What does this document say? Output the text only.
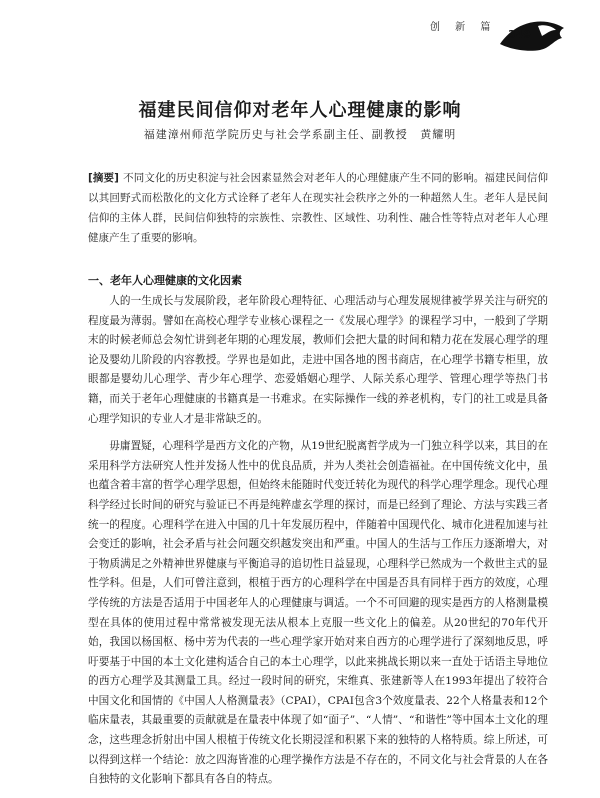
创 新 篇
349
福建民间信仰对老年人心理健康的影响
福建漳州师范学院历史与社会学系副主任、副教授 黄耀明
[摘要] 不同文化的历史积淀与社会因素显然会对老年人的心理健康产生不同的影响。福建民间信仰以其回野式而松散化的文化方式诠释了老年人在现实社会秩序之外的一种超然人生。老年人是民间信仰的主体人群，民间信仰独特的宗族性、宗教性、区域性、功利性、融合性等特点对老年人心理健康产生了重要的影响。
一、老年人心理健康的文化因素

人的一生成长与发展阶段，老年阶段心理特征、心理活动与心理发展规律被学界关注与研究的程度最为薄弱。譬如在高校心理学专业核心课程之一《发展心理学》的课程学习中，一般到了学期末的时候老师总会匆忙讲到老年期的心理发展，教师们会把大量的时间和精力花在发展心理学的理论及婴幼儿阶段的内容教授。学界也是如此，走进中国各地的图书商店，在心理学书籍专柜里，放眼都是婴幼儿心理学、青少年心理学、恋爱婚姻心理学、人际关系心理学、管理心理学等热门书籍，而关于老年心理健康的书籍真是一书难求。在实际操作一线的养老机构，专门的社工或是具备心理学知识的专业人才是非常缺乏的。

毋庸置疑，心理科学是西方文化的产物，从19世纪脱离哲学成为一门独立科学以来，其目的在采用科学方法研究人性并发扬人性中的优良品质，并为人类社会创造福祉。在中国传统文化中，虽也蕴含着丰富的哲学心理学思想，但始终未能随时代变迁转化为现代的科学心理学理念。现代心理科学经过长时间的研究与验证已不再是纯粹虚玄学理的探讨，而是已经到了理论、方法与实践三者统一的程度。心理科学在进入中国的几十年发展历程中，伴随着中国现代化、城市化进程加速与社会变迁的影响，社会矛盾与社会问题交织越发突出和严重。中国人的生活与工作压力逐渐增大，对于物质满足之外精神世界健康与平衡追寻的追切性日益显现，心理科学已然成为一个救世主式的显性学科。但是，人们可曾注意到，根植于西方的心理科学在中国是否具有同样于西方的效度，心理学传统的方法是否适用于中国老年人的心理健康与调适。一个不可回避的现实是西方的人格测量模型在具体的使用过程中常常被发现无法从根本上克服一些文化上的偏差。从20世纪的70年代开始，我国以杨国枢、杨中芳为代表的一些心理学家开始对来自西方的心理学进行了深刻地反思，呼吁要基于中国的本土文化建构适合自己的本土心理学，以此来挑战长期以来一直处于话语主导地位的西方心理学及其测量工具。经过一段时间的研究，宋维真、张建新等人在1993年提出了较符合中国文化和国情的《中国人人格测量表》（CPAI），CPAI包含3个效度量表、22个人格量表和12个临床量表，其最重要的贡献就是在量表中体现了如“面子”、“人情”、“和谐性”等中国本土文化的理念，这些理念折射出中国人根植于传统文化长期浸淫和积累下来的独特的人格特质。综上所述，可以得到这样一个结论：放之四海皆准的心理学操作方法是不存在的，不同文化与社会背景的人在各自独特的文化影响下都具有各自的特点。
